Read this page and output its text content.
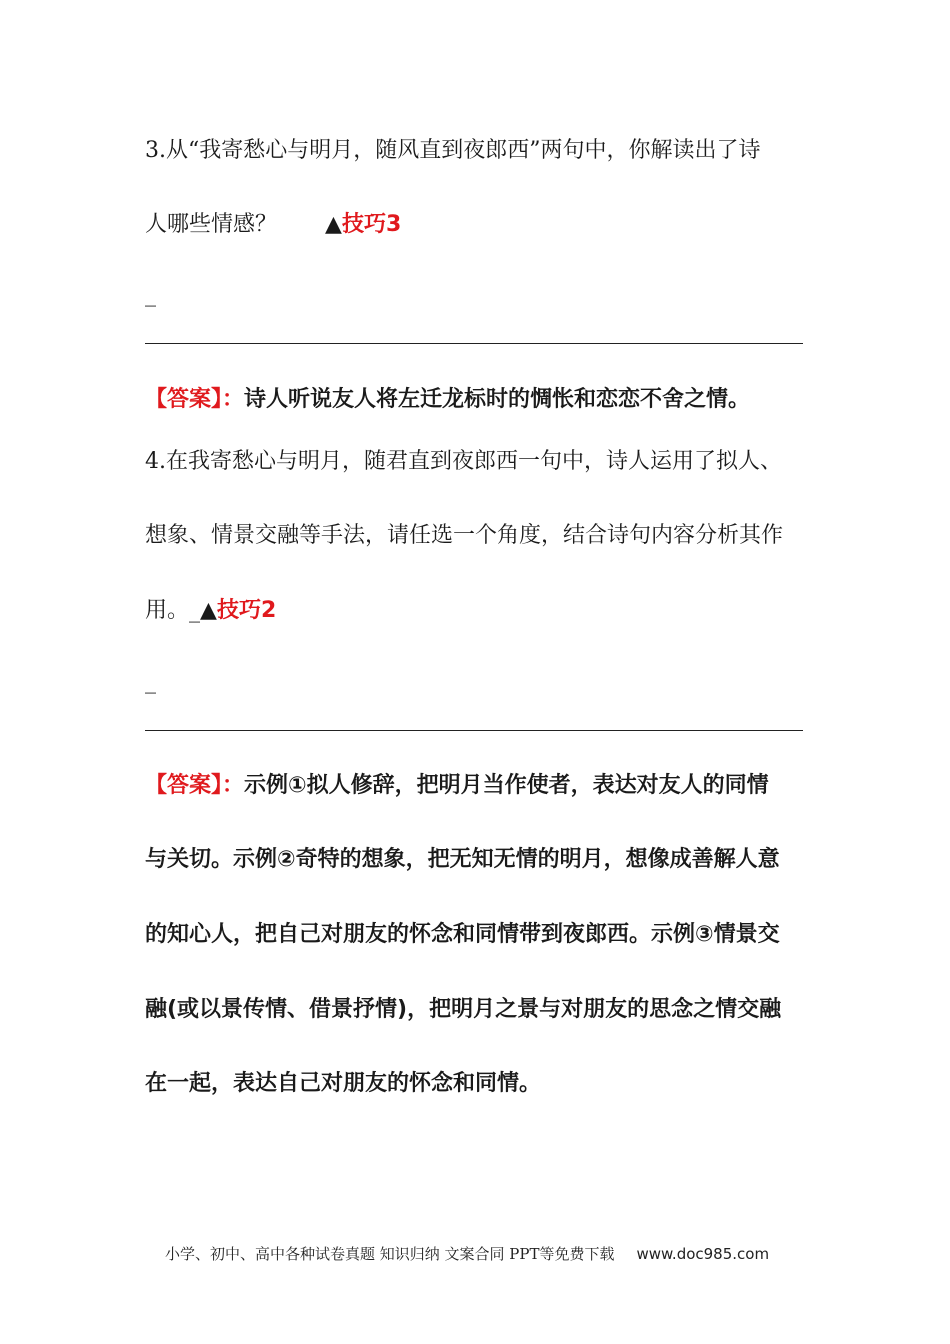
3.从“我寄愁心与明月，随风直到夜郎西”两句中，你解读出了诗
人哪些情感？ ▲技巧3
_
【答案】：诗人听说友人将左迁龙标时的惆怅和恋恋不舍之情。
4.在我寄愁心与明月，随君直到夜郎西一句中，诗人运用了拟人、
想象、情景交融等手法，请任选一个角度，结合诗句内容分析其作
用。_▲技巧2
_
【答案】：示例①拟人修辞，把明月当作使者，表达对友人的同情
与关切。示例②奇特的想象，把无知无情的明月，想像成善解人意
的知心人，把自己对朋友的怀念和同情带到夜郎西。示例③情景交
融(或以景传情、借景抒情)，把明月之景与对朋友的思念之情交融
在一起，表达自己对朋友的怀念和同情。
小学、初中、高中各种试卷真题 知识归纳 文案合同 PPT等免费下载 www.doc985.com
